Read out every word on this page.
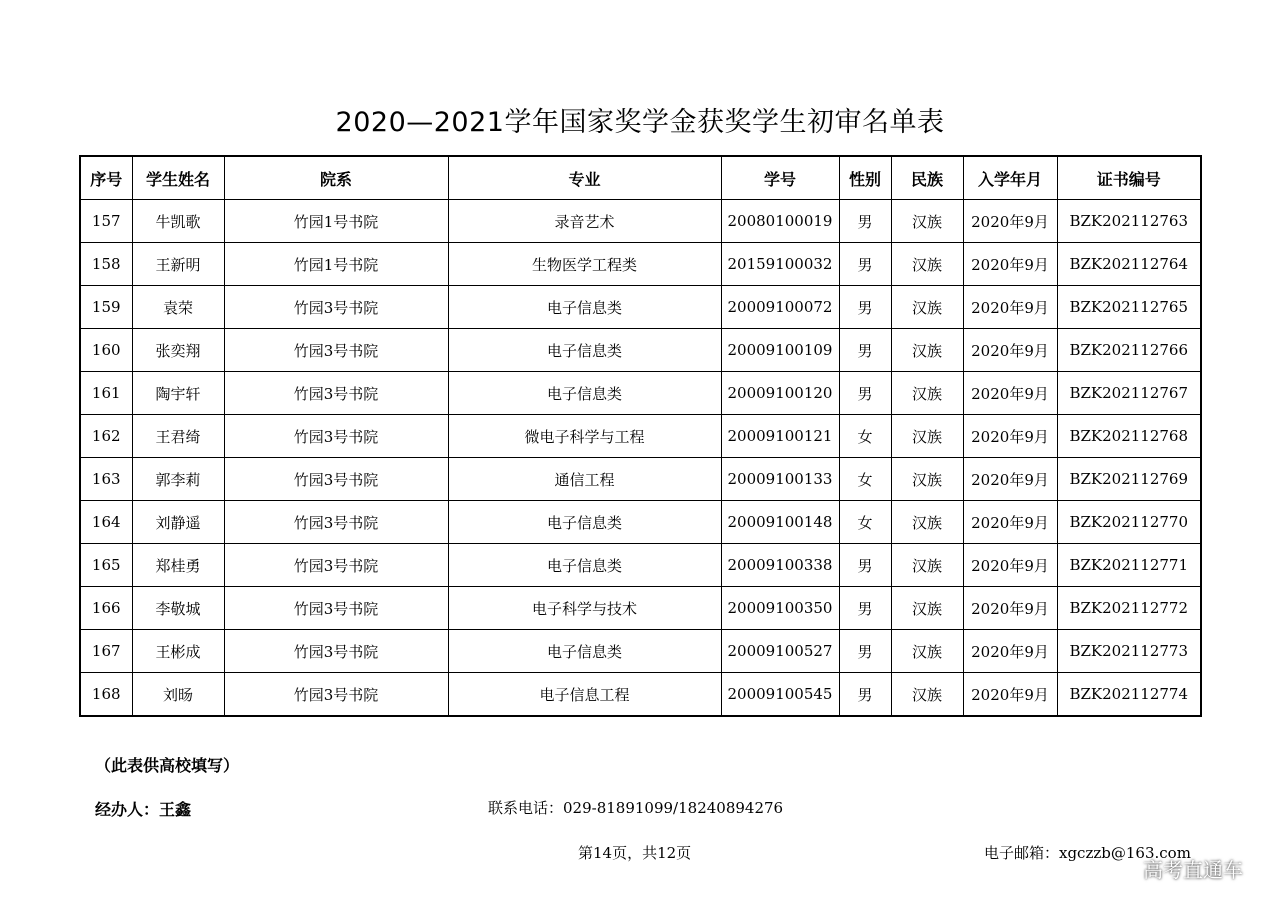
2020—2021学年国家奖学金获奖学生初审名单表
序号	学生姓名	院系	专业	学号	性别	民族	入学年月	证书编号
157	牛凯歌	竹园1号书院	录音艺术	20080100019	男	汉族	2020年9月	BZK202112763
158	王新明	竹园1号书院	生物医学工程类	20159100032	男	汉族	2020年9月	BZK202112764
159	袁荣	竹园3号书院	电子信息类	20009100072	男	汉族	2020年9月	BZK202112765
160	张奕翔	竹园3号书院	电子信息类	20009100109	男	汉族	2020年9月	BZK202112766
161	陶宇轩	竹园3号书院	电子信息类	20009100120	男	汉族	2020年9月	BZK202112767
162	王君绮	竹园3号书院	微电子科学与工程	20009100121	女	汉族	2020年9月	BZK202112768
163	郭李莉	竹园3号书院	通信工程	20009100133	女	汉族	2020年9月	BZK202112769
164	刘静遥	竹园3号书院	电子信息类	20009100148	女	汉族	2020年9月	BZK202112770
165	郑桂勇	竹园3号书院	电子信息类	20009100338	男	汉族	2020年9月	BZK202112771
166	李敬城	竹园3号书院	电子科学与技术	20009100350	男	汉族	2020年9月	BZK202112772
167	王彬成	竹园3号书院	电子信息类	20009100527	男	汉族	2020年9月	BZK202112773
168	刘旸	竹园3号书院	电子信息工程	20009100545	男	汉族	2020年9月	BZK202112774
（此表供高校填写）
经办人：王鑫	联系电话：029-81891099/18240894276
第14页，共12页	电子邮箱：xgczzb@163.com
高考直通车
